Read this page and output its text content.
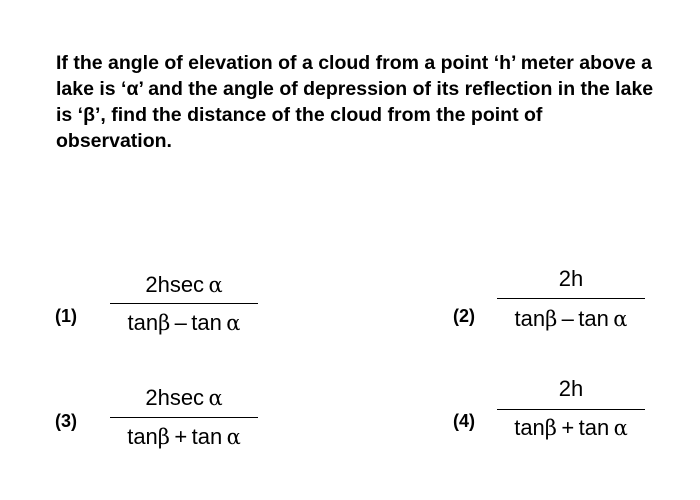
If the angle of elevation of a cloud from a point ‘h’ meter above a lake is ‘α’ and the angle of depression of its reflection in the lake is ‘β’, find the distance of the cloud from the point of observation.

(1)
2hsec  α
tanβ  –  tan  α	(2)
2h
tanβ  –  tan  α
(3)
2hsec  α
tanβ  +  tan  α
(4)
2h
tanβ  +  tan  α
